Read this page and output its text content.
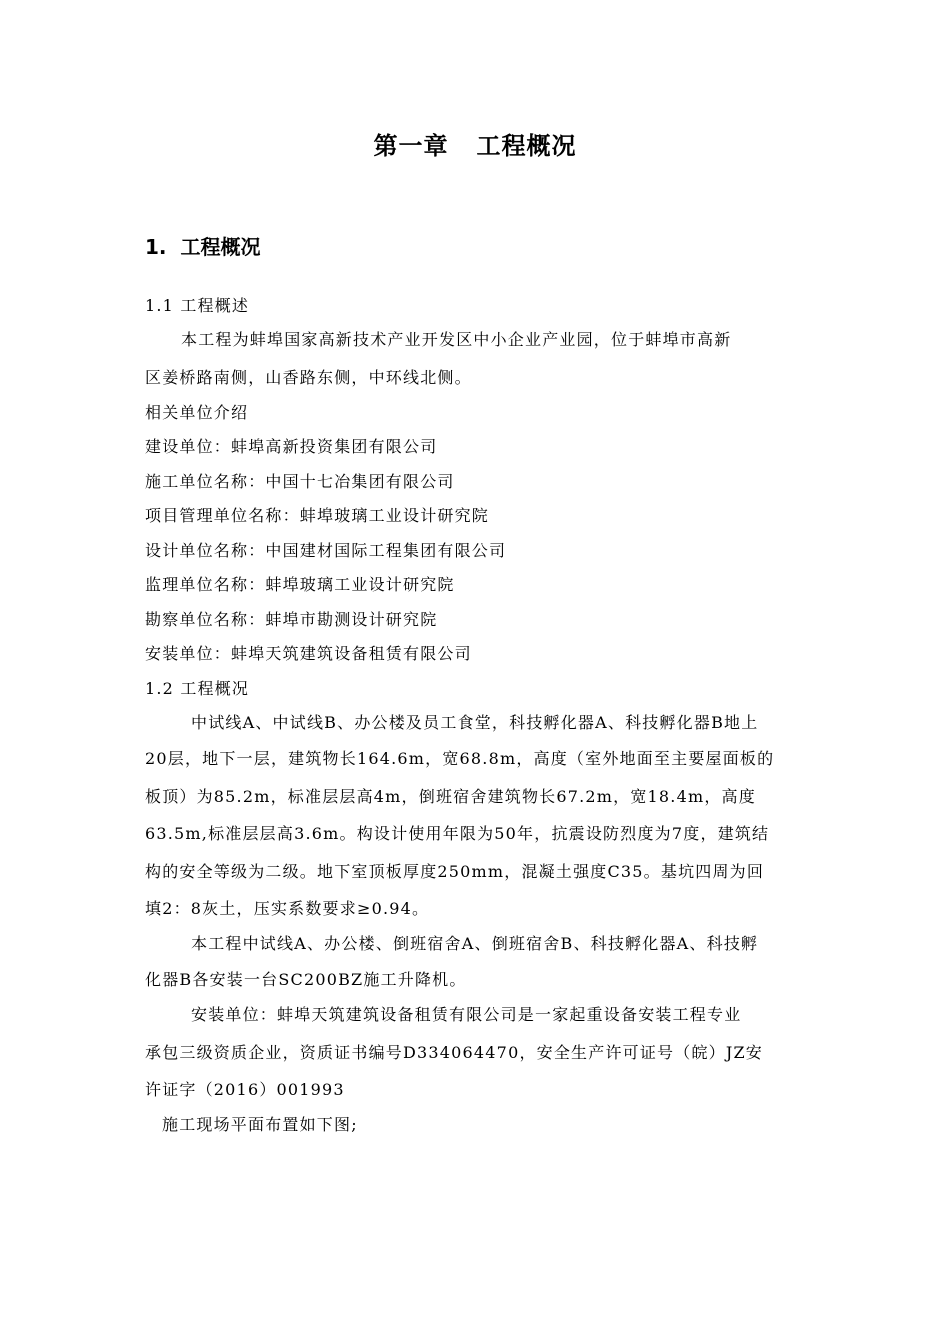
第一章   工程概况
1.  工程概况
1.1 工程概述
本工程为蚌埠国家高新技术产业开发区中小企业产业园，位于蚌埠市高新
区姜桥路南侧，山香路东侧，中环线北侧。
相关单位介绍
建设单位：蚌埠高新投资集团有限公司
施工单位名称：中国十七冶集团有限公司
项目管理单位名称：蚌埠玻璃工业设计研究院
设计单位名称：中国建材国际工程集团有限公司
监理单位名称：蚌埠玻璃工业设计研究院
勘察单位名称：蚌埠市勘测设计研究院
安装单位：蚌埠天筑建筑设备租赁有限公司
1.2 工程概况
中试线A、中试线B、办公楼及员工食堂，科技孵化器A、科技孵化器B地上
20层，地下一层，建筑物长164.6m，宽68.8m，高度（室外地面至主要屋面板的
板顶）为85.2m，标准层层高4m，倒班宿舍建筑物长67.2m，宽18.4m，高度
63.5m,标准层层高3.6m。构设计使用年限为50年，抗震设防烈度为7度，建筑结
构的安全等级为二级。地下室顶板厚度250mm，混凝土强度C35。基坑四周为回
填2：8灰土，压实系数要求≥0.94。
本工程中试线A、办公楼、倒班宿舍A、倒班宿舍B、科技孵化器A、科技孵
化器B各安装一台SC200BZ施工升降机。
安装单位：蚌埠天筑建筑设备租赁有限公司是一家起重设备安装工程专业
承包三级资质企业，资质证书编号D334064470，安全生产许可证号（皖）JZ安
许证字（2016）001993
施工现场平面布置如下图;
